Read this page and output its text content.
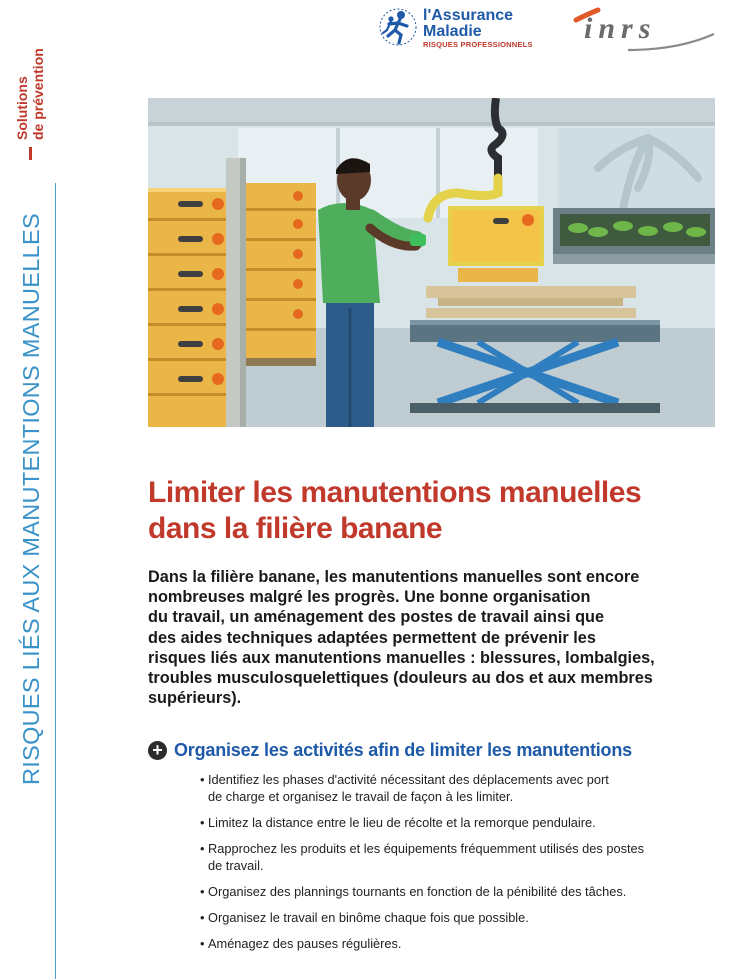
Solutions de prévention
RISQUES LIÉS AUX MANUTENTIONS MANUELLES
l'Assurance
Maladie
RISQUES PROFESSIONNELS inrs
Limiter les manutentions manuelles
dans la filière banane

Dans la filière banane, les manutentions manuelles sont encore
nombreuses malgré les progrès. Une bonne organisation
du travail, un aménagement des postes de travail ainsi que
des aides techniques adaptées permettent de prévenir les
risques liés aux manutentions manuelles : blessures, lombalgies,
troubles musculosquelettiques (douleurs au dos et aux membres
supérieurs).

+ Organisez les activités afin de limiter les manutentions
• Identifiez les phases d'activité nécessitant des déplacements avec port
de charge et organisez le travail de façon à les limiter.
• Limitez la distance entre le lieu de récolte et la remorque pendulaire.
• Rapprochez les produits et les équipements fréquemment utilisés des postes
de travail.
• Organisez des plannings tournants en fonction de la pénibilité des tâches.
• Organisez le travail en binôme chaque fois que possible.
• Aménagez des pauses régulières.
